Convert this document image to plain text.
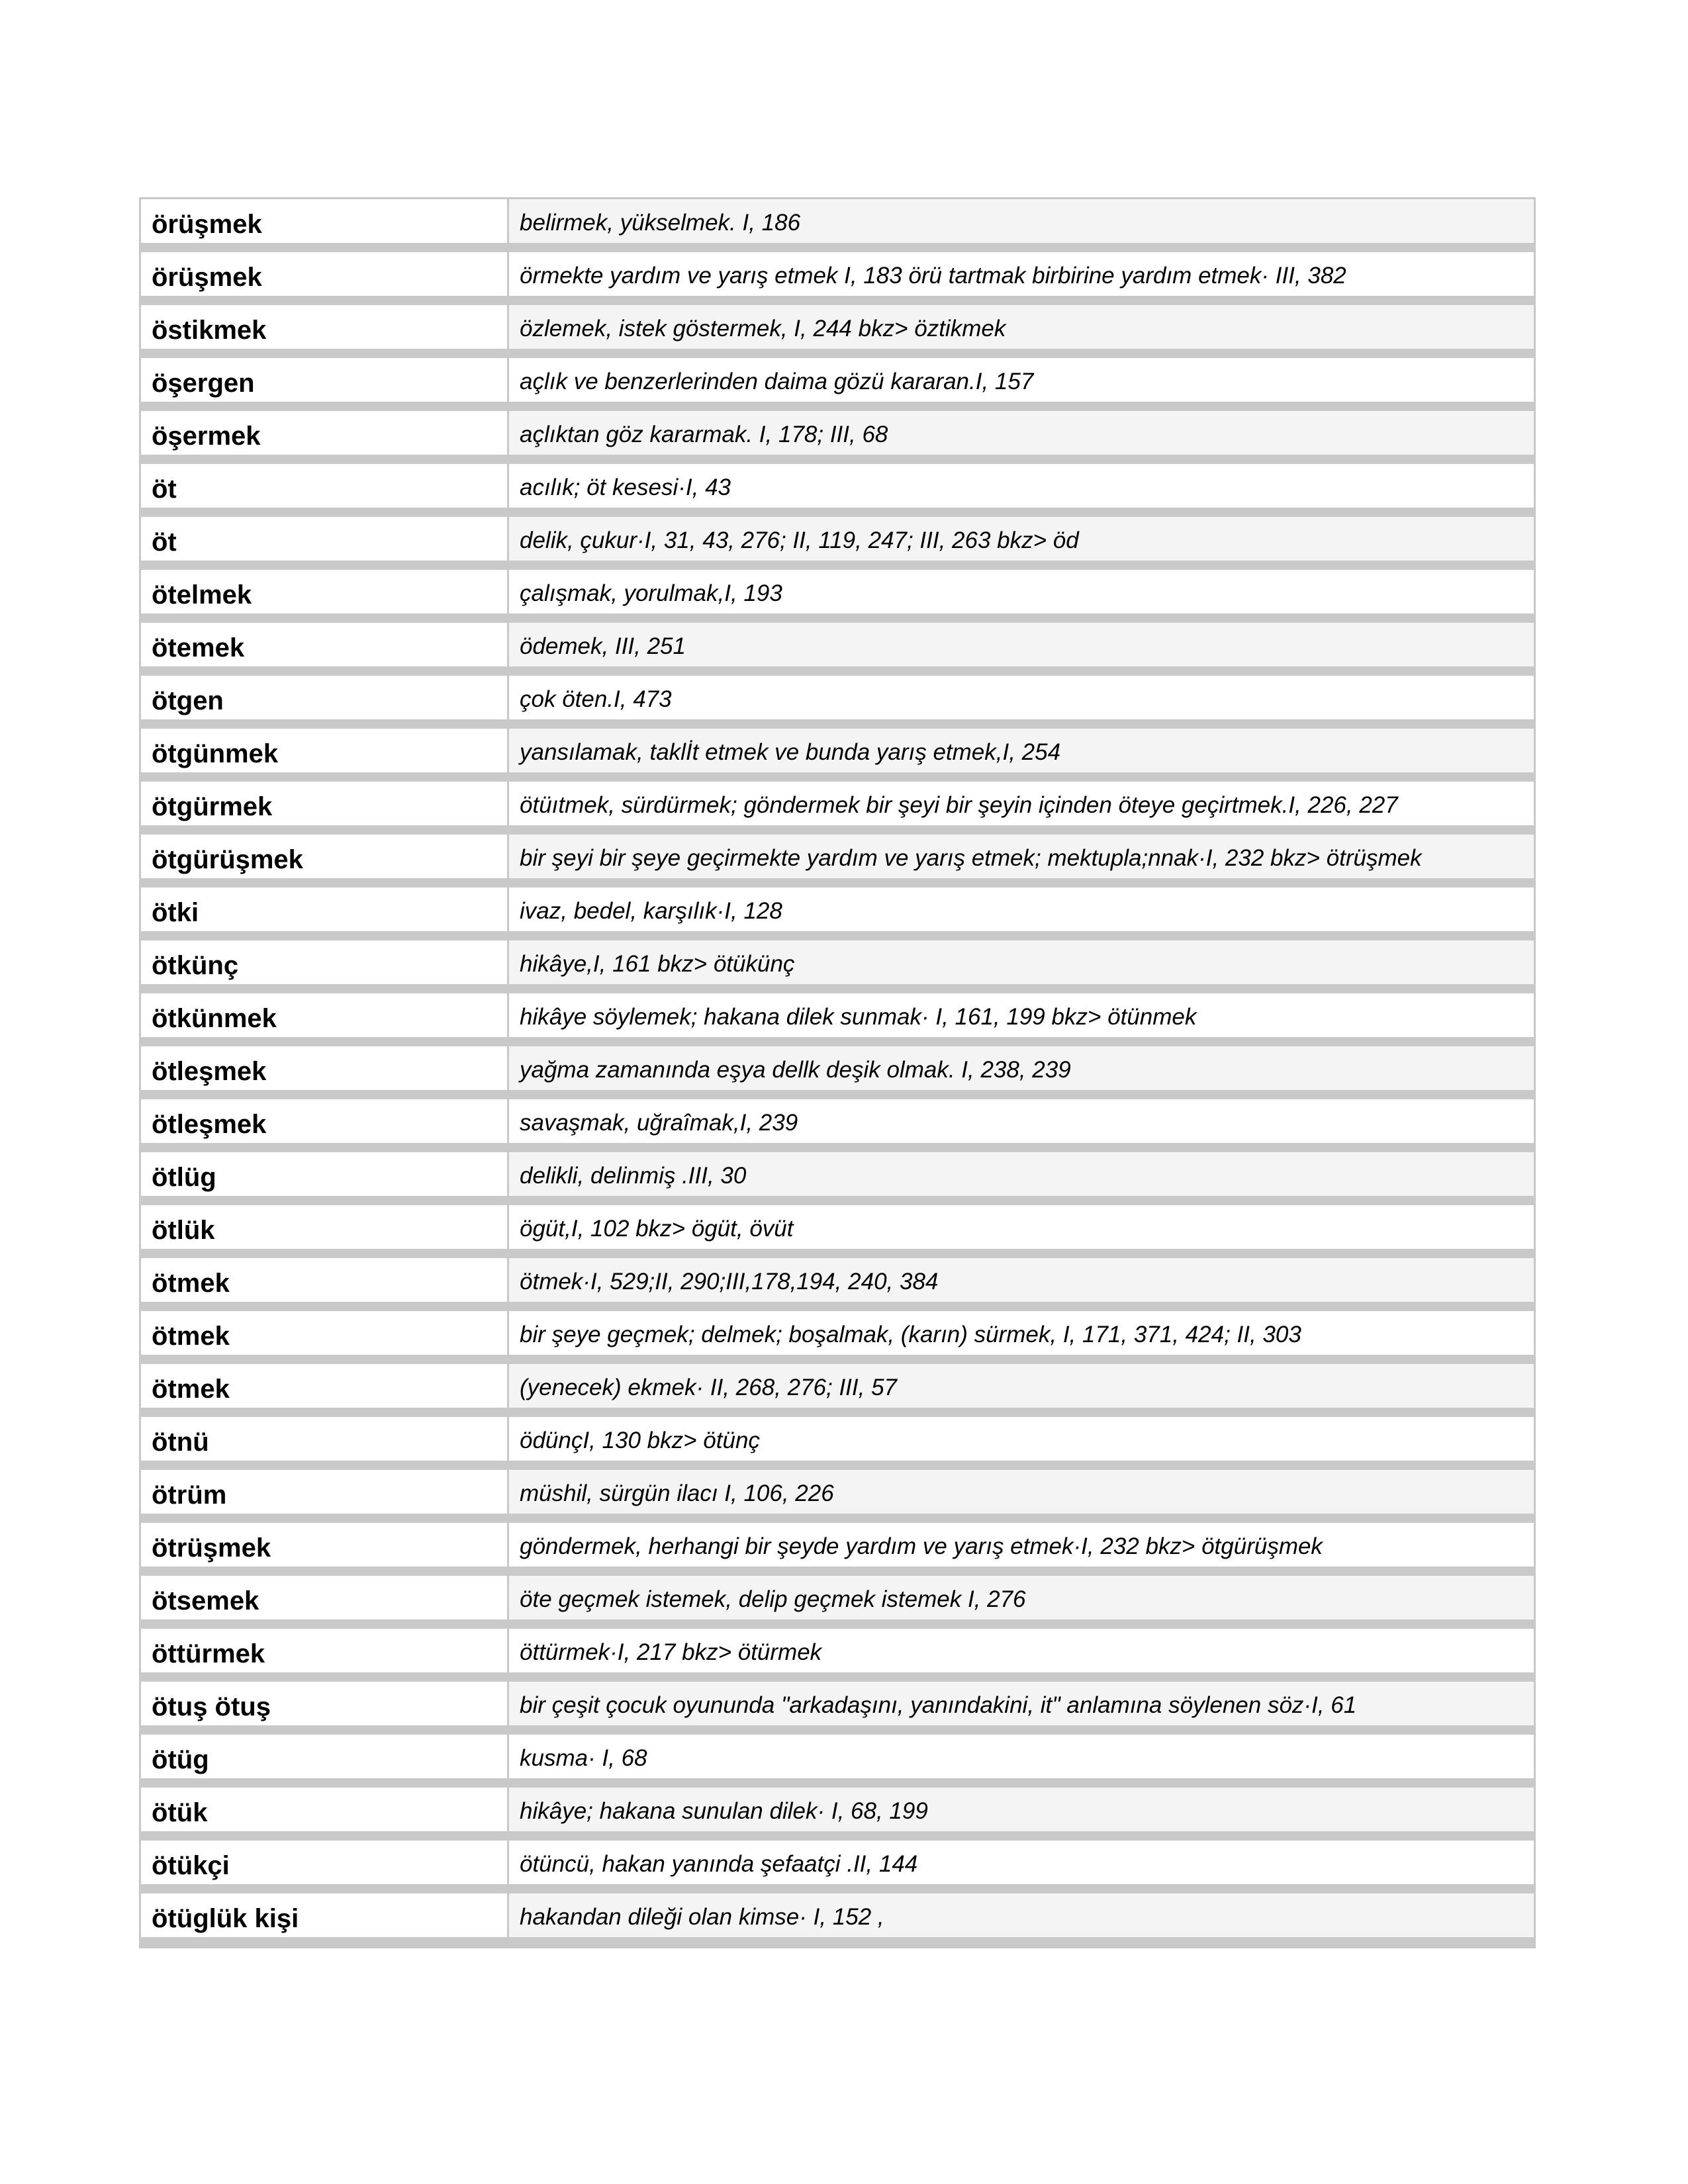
örüşmek	belirmek, yükselmek. I, 186
örüşmek	örmekte yardım ve yarış etmek I, 183 örü tartmak birbirine yardım etmek· III, 382
östikmek	özlemek, istek göstermek, I, 244 bkz> öztikmek
öşergen	açlık ve benzerlerinden daima gözü kararan.I, 157
öşermek	açlıktan göz kararmak. I, 178; III, 68
öt	acılık; öt kesesi·I, 43
öt	delik, çukur·I, 31, 43, 276; II, 119, 247; III, 263 bkz> öd
ötelmek	çalışmak, yorulmak,I, 193
ötemek	ödemek, III, 251
ötgen	çok öten.I, 473
ötgünmek	yansılamak, taklİt etmek ve bunda yarış etmek,I, 254
ötgürmek	ötüıtmek, sürdürmek; göndermek bir şeyi bir şeyin içinden öteye geçirtmek.I, 226, 227
ötgürüşmek	bir şeyi bir şeye geçirmekte yardım ve yarış etmek; mektupla;nnak·I, 232 bkz> ötrüşmek
ötki	ivaz, bedel, karşılık·I, 128
ötkünç	hikâye,I, 161 bkz> ötükünç
ötkünmek	hikâye söylemek; hakana dilek sunmak· I, 161, 199 bkz> ötünmek
ötleşmek	yağma zamanında eşya dellk deşik olmak. I, 238, 239
ötleşmek	savaşmak, uğraîmak,I, 239
ötlüg	delikli, delinmiş .III, 30
ötlük	ögüt,I, 102 bkz> ögüt, övüt
ötmek	ötmek·I, 529;II, 290;III,178,194, 240, 384
ötmek	bir şeye geçmek; delmek; boşalmak, (karın) sürmek, I, 171, 371, 424; II, 303
ötmek	(yenecek) ekmek· II, 268, 276; III, 57
ötnü	ödünçI, 130 bkz> ötünç
ötrüm	müshil, sürgün ilacı I, 106, 226
ötrüşmek	göndermek, herhangi bir şeyde yardım ve yarış etmek·I, 232 bkz> ötgürüşmek
ötsemek	öte geçmek istemek, delip geçmek istemek I, 276
öttürmek	öttürmek·I, 217 bkz> ötürmek
ötuş ötuş	bir çeşit çocuk oyununda "arkadaşını, yanındakini, it" anlamına söylenen söz·I, 61
ötüg	kusma· I, 68
ötük	hikâye; hakana sunulan dilek· I, 68, 199
ötükçi	ötüncü, hakan yanında şefaatçi .II, 144
ötüglük kişi	hakandan dileği olan kimse· I, 152 ,
